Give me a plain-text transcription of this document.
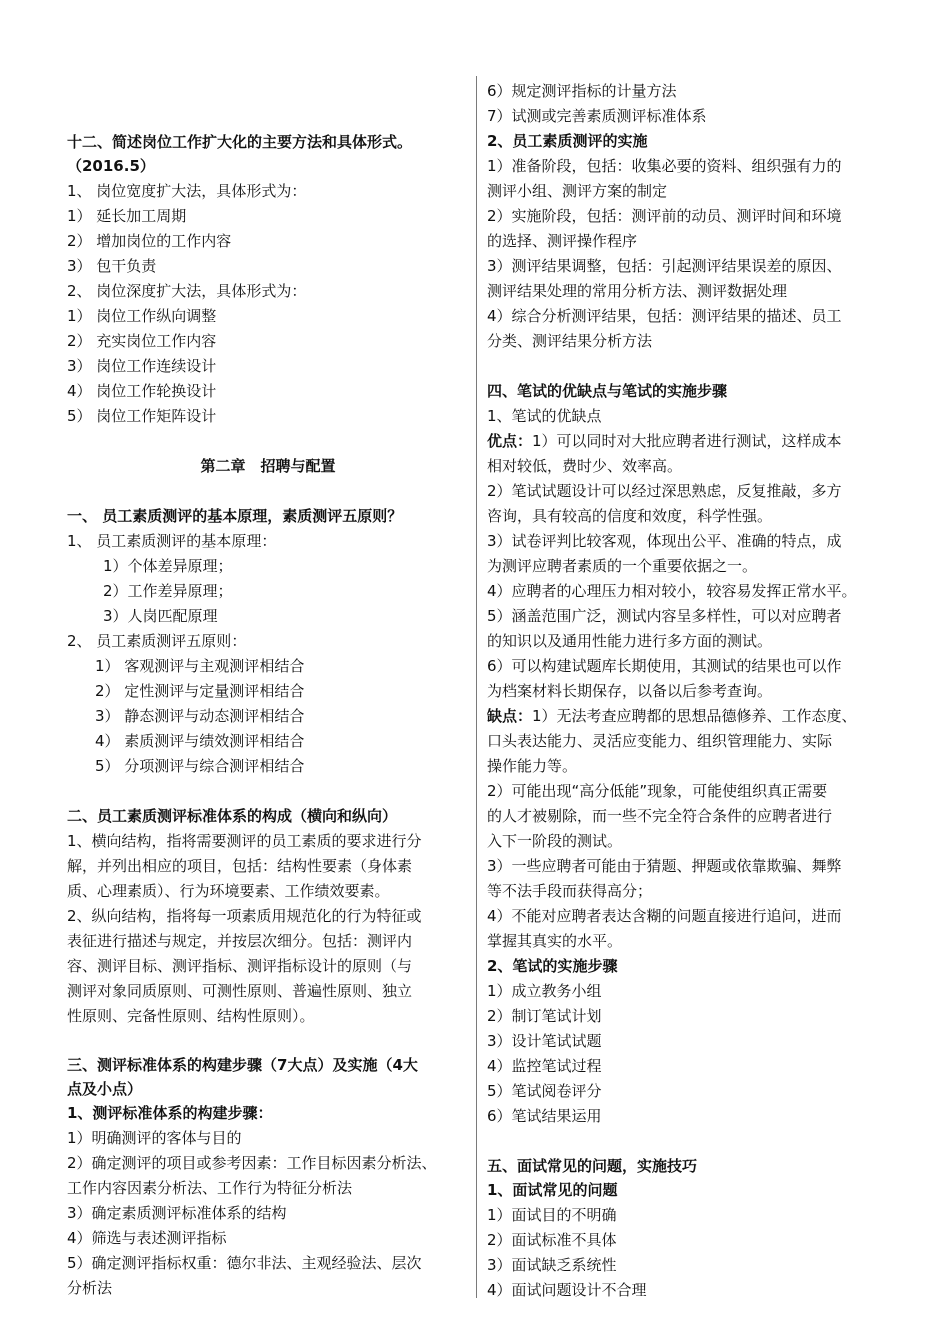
十二、简述岗位工作扩大化的主要方法和具体形式。
（2016.5）
1、 岗位宽度扩大法，具体形式为：
1） 延长加工周期
2） 增加岗位的工作内容
3） 包干负责
2、 岗位深度扩大法，具体形式为：
1） 岗位工作纵向调整
2） 充实岗位工作内容
3） 岗位工作连续设计
4） 岗位工作轮换设计
5） 岗位工作矩阵设计
第二章　招聘与配置
一、 员工素质测评的基本原理，素质测评五原则？
1、 员工素质测评的基本原理：
1）个体差异原理；
2）工作差异原理；
3）人岗匹配原理
2、 员工素质测评五原则：
1） 客观测评与主观测评相结合
2） 定性测评与定量测评相结合
3） 静态测评与动态测评相结合
4） 素质测评与绩效测评相结合
5） 分项测评与综合测评相结合
二、员工素质测评标准体系的构成（横向和纵向）
1、横向结构，指将需要测评的员工素质的要求进行分
解，并列出相应的项目，包括：结构性要素（身体素
质、心理素质）、行为环境要素、工作绩效要素。
2、纵向结构，指将每一项素质用规范化的行为特征或
表征进行描述与规定，并按层次细分。包括：测评内
容、测评目标、测评指标、测评指标设计的原则（与
测评对象同质原则、可测性原则、普遍性原则、独立
性原则、完备性原则、结构性原则）。
三、测评标准体系的构建步骤（7大点）及实施（4大
点及小点）
1、测评标准体系的构建步骤：
1）明确测评的客体与目的
2）确定测评的项目或参考因素：工作目标因素分析法、
工作内容因素分析法、工作行为特征分析法
3）确定素质测评标准体系的结构
4）筛选与表述测评指标
5）确定测评指标权重：德尔非法、主观经验法、层次
分析法
6）规定测评指标的计量方法
7）试测或完善素质测评标准体系
2、员工素质测评的实施
1）准备阶段，包括：收集必要的资料、组织强有力的
测评小组、测评方案的制定
2）实施阶段，包括：测评前的动员、测评时间和环境
的选择、测评操作程序
3）测评结果调整，包括：引起测评结果误差的原因、
测评结果处理的常用分析方法、测评数据处理
4）综合分析测评结果，包括：测评结果的描述、员工
分类、测评结果分析方法
四、笔试的优缺点与笔试的实施步骤
1、笔试的优缺点
优点：1）可以同时对大批应聘者进行测试，这样成本
相对较低，费时少、效率高。
2）笔试试题设计可以经过深思熟虑，反复推敲，多方
咨询，具有较高的信度和效度，科学性强。
3）试卷评判比较客观，体现出公平、准确的特点，成
为测评应聘者素质的一个重要依据之一。
4）应聘者的心理压力相对较小，较容易发挥正常水平。
5）涵盖范围广泛，测试内容呈多样性，可以对应聘者
的知识以及通用性能力进行多方面的测试。
6）可以构建试题库长期使用，其测试的结果也可以作
为档案材料长期保存，以备以后参考查询。
缺点：1）无法考查应聘都的思想品德修养、工作态度、
口头表达能力、灵活应变能力、组织管理能力、实际
操作能力等。
2）可能出现“高分低能”现象，可能使组织真正需要
的人才被剔除，而一些不完全符合条件的应聘者进行
入下一阶段的测试。
3）一些应聘者可能由于猜题、押题或依靠欺骗、舞弊
等不法手段而获得高分；
4）不能对应聘者表达含糊的问题直接进行追问，进而
掌握其真实的水平。
2、笔试的实施步骤
1）成立教务小组
2）制订笔试计划
3）设计笔试试题
4）监控笔试过程
5）笔试阅卷评分
6）笔试结果运用
五、面试常见的问题，实施技巧
1、面试常见的问题
1）面试目的不明确
2）面试标准不具体
3）面试缺乏系统性
4）面试问题设计不合理
